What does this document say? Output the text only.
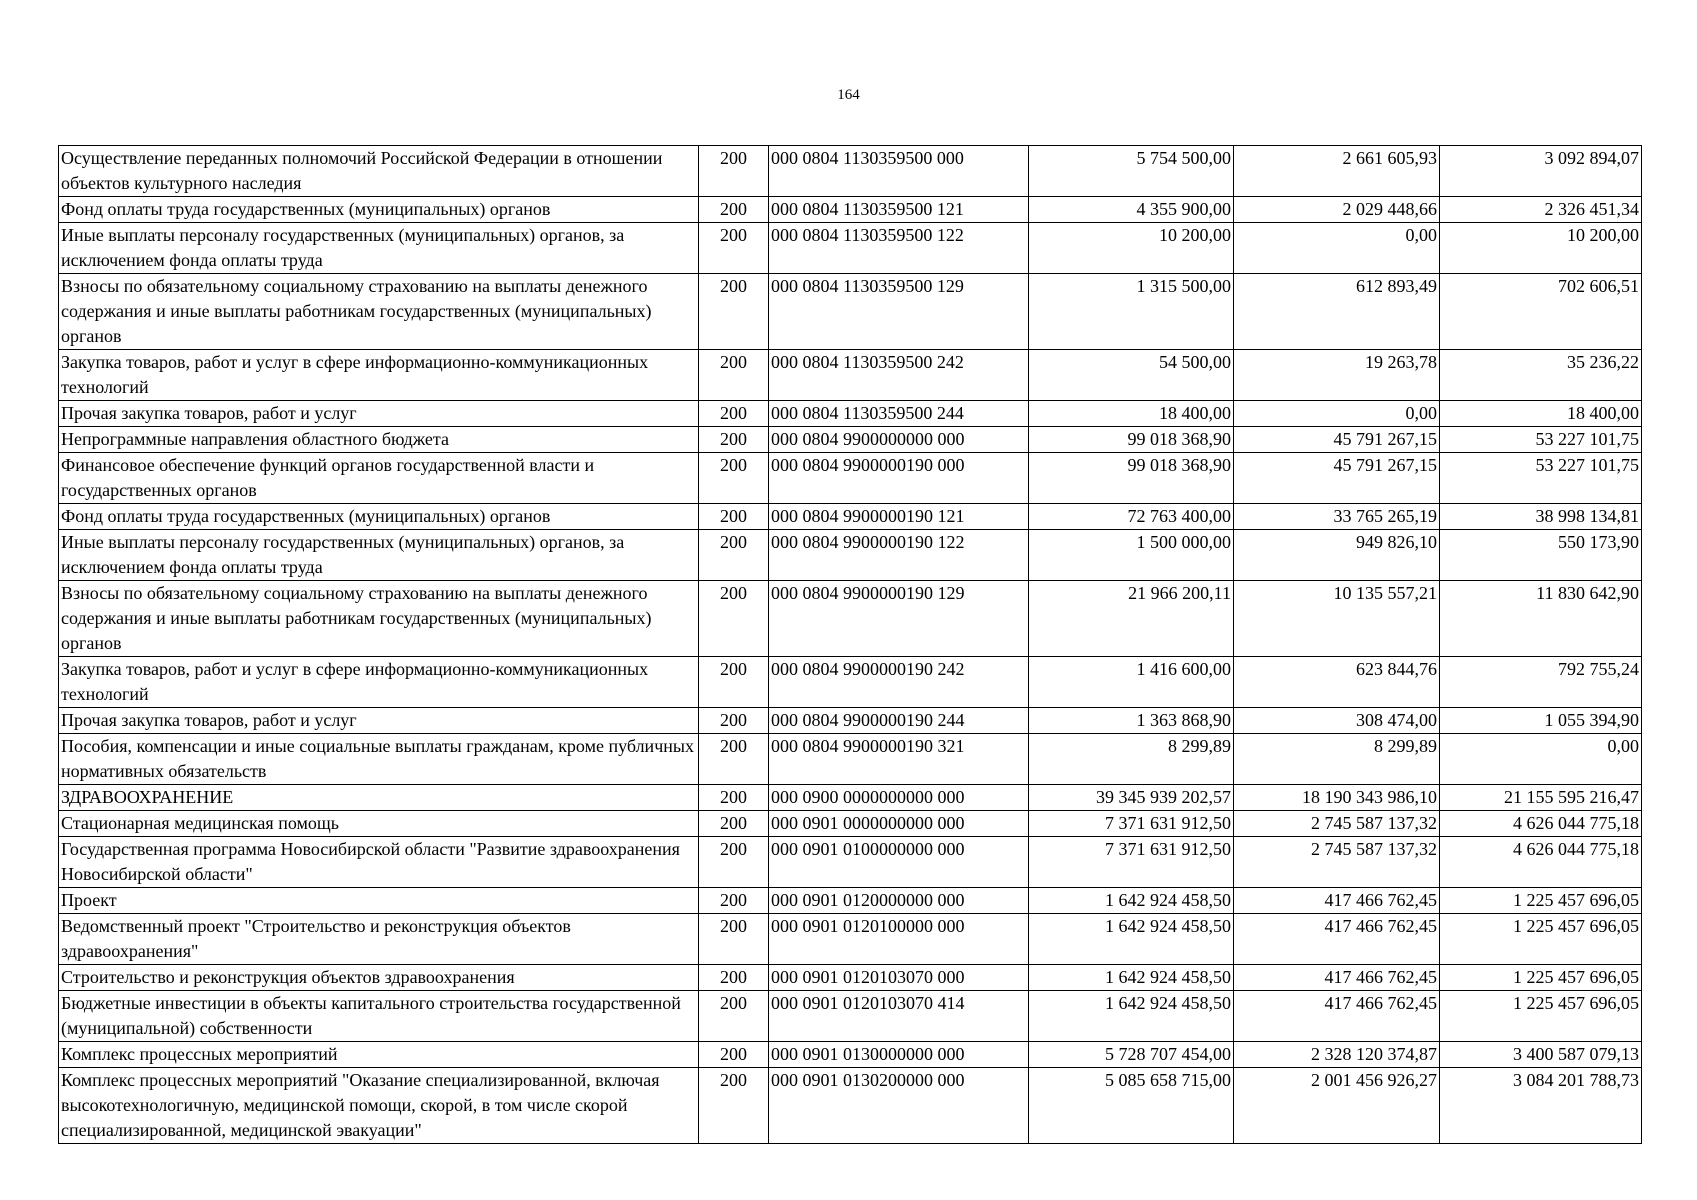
164
Осуществление переданных полномочий Российской Федерации в отношении объектов культурного наследия	200	000 0804 1130359500 000	5 754 500,00	2 661 605,93	3 092 894,07
Фонд оплаты труда государственных (муниципальных) органов	200	000 0804 1130359500 121	4 355 900,00	2 029 448,66	2 326 451,34
Иные выплаты персоналу государственных (муниципальных) органов, за исключением фонда оплаты труда	200	000 0804 1130359500 122	10 200,00	0,00	10 200,00
Взносы по обязательному социальному страхованию на выплаты денежного содержания и иные выплаты работникам государственных (муниципальных) органов	200	000 0804 1130359500 129	1 315 500,00	612 893,49	702 606,51
Закупка товаров, работ и услуг в сфере информационно-коммуникационных технологий	200	000 0804 1130359500 242	54 500,00	19 263,78	35 236,22
Прочая закупка товаров, работ и услуг	200	000 0804 1130359500 244	18 400,00	0,00	18 400,00
Непрограммные направления областного бюджета	200	000 0804 9900000000 000	99 018 368,90	45 791 267,15	53 227 101,75
Финансовое обеспечение функций органов государственной власти и государственных органов	200	000 0804 9900000190 000	99 018 368,90	45 791 267,15	53 227 101,75
Фонд оплаты труда государственных (муниципальных) органов	200	000 0804 9900000190 121	72 763 400,00	33 765 265,19	38 998 134,81
Иные выплаты персоналу государственных (муниципальных) органов, за исключением фонда оплаты труда	200	000 0804 9900000190 122	1 500 000,00	949 826,10	550 173,90
Взносы по обязательному социальному страхованию на выплаты денежного содержания и иные выплаты работникам государственных (муниципальных) органов	200	000 0804 9900000190 129	21 966 200,11	10 135 557,21	11 830 642,90
Закупка товаров, работ и услуг в сфере информационно-коммуникационных технологий	200	000 0804 9900000190 242	1 416 600,00	623 844,76	792 755,24
Прочая закупка товаров, работ и услуг	200	000 0804 9900000190 244	1 363 868,90	308 474,00	1 055 394,90
Пособия, компенсации и иные социальные выплаты гражданам, кроме публичных нормативных обязательств	200	000 0804 9900000190 321	8 299,89	8 299,89	0,00
ЗДРАВООХРАНЕНИЕ	200	000 0900 0000000000 000	39 345 939 202,57	18 190 343 986,10	21 155 595 216,47
Стационарная медицинская помощь	200	000 0901 0000000000 000	7 371 631 912,50	2 745 587 137,32	4 626 044 775,18
Государственная программа Новосибирской области "Развитие здравоохранения Новосибирской области"	200	000 0901 0100000000 000	7 371 631 912,50	2 745 587 137,32	4 626 044 775,18
Проект	200	000 0901 0120000000 000	1 642 924 458,50	417 466 762,45	1 225 457 696,05
Ведомственный проект "Строительство и реконструкция объектов здравоохранения"	200	000 0901 0120100000 000	1 642 924 458,50	417 466 762,45	1 225 457 696,05
Строительство и реконструкция объектов здравоохранения	200	000 0901 0120103070 000	1 642 924 458,50	417 466 762,45	1 225 457 696,05
Бюджетные инвестиции в объекты капитального строительства государственной (муниципальной) собственности	200	000 0901 0120103070 414	1 642 924 458,50	417 466 762,45	1 225 457 696,05
Комплекс процессных мероприятий	200	000 0901 0130000000 000	5 728 707 454,00	2 328 120 374,87	3 400 587 079,13
Комплекс процессных мероприятий "Оказание специализированной, включая высокотехнологичную, медицинской помощи, скорой, в том числе скорой специализированной, медицинской эвакуации"	200	000 0901 0130200000 000	5 085 658 715,00	2 001 456 926,27	3 084 201 788,73
